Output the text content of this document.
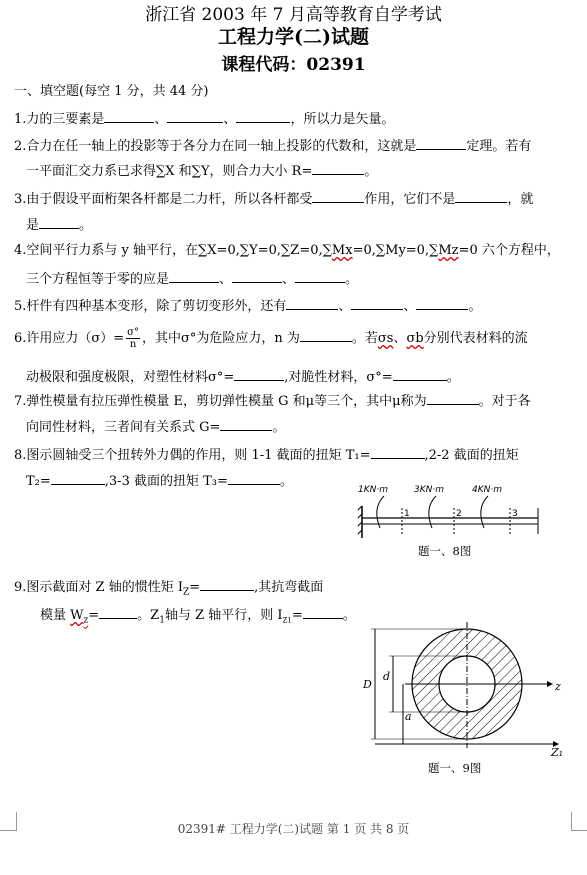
浙江省 2003 年 7 月高等教育自学考试
工程力学(二)试题
课程代码：02391
一、填空题(每空 1 分，共 44 分)
1.力的三要素是	、	、	，所以力是矢量。
2.合力在任一轴上的投影等于各分力在同一轴上投影的代数和，这就是	定理。若有
一平面汇交力系已求得∑X 和∑Y，则合力大小 R=	。
3.由于假设平面桁架各杆都是二力杆，所以各杆都受	作用，它们不是	，就
是	。
4.空间平行力系与 y 轴平行，在∑X=0,∑Y=0,∑Z=0,∑Mx=0,∑My=0,∑Mz=0 六个方程中，
三个方程恒等于零的应是	、	、	。
5.杆件有四种基本变形，除了剪切变形外，还有	、	、	。
6.许用应力$(\sigma)= \frac{\sigma^\circ}{n}$ ，其中σ°为危险应力，n 为	。若σs、σb分别代表材料的流
动极限和强度极限，对塑性材料σ°=	,对脆性材料，σ°=	。
7.弹性模量有拉压弹性模量 E，剪切弹性模量 G 和μ等三个，其中μ称为	。对于各
向同性材料，三者间有关系式 G=	。
8.图示圆轴受三个扭转外力偶的作用，则 1-1 截面的扭矩 T₁=	,2-2 截面的扭矩
T₂=	,3-3 截面的扭矩 T₃=	。
1KN·m	3KN·m	4KN·m
1	2	3
题一、8图
9.图示截面对 Z 轴的惯性矩 $I_Z=$	,其抗弯截面
模量 $W_z=$	。$Z_1$轴与 Z 轴平行，则 $I_{Z1}=$	。
D
d
a
z
Z₁
题一、9图
02391# 工程力学(二)试题 第 1 页 共 8 页
